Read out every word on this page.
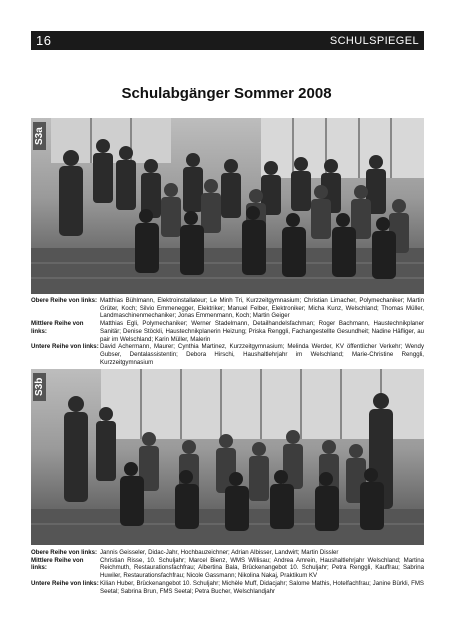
16	SCHULSPIEGEL
Schulabgänger Sommer 2008
S3a
Obere Reihe von links: Matthias Bühlmann, Elektroinstallateur; Le Minh Tri, Kurzzeitgymnasium; Christian Limacher, Polymechaniker; Martin Grüter, Koch; Silvio Emmenegger, Elektriker; Manuel Felber, Elektroniker; Micha Kunz, Welschland; Thomas Müller, Landmaschinenmechaniker; Jonas Emmenmann, Koch; Martin Geiger
Mittlere Reihe von links:
Matthias Egli, Polymechaniker; Werner Stadelmann, Detailhandelsfachman; Roger Bachmann, Haustechnikplaner Sanitär; Denise Stöckli, Haustechnikplanerin Heizung; Priska Renggli, Fachangestellte Gesundheit; Nadine Häfliger, au pair im Welschland; Karin Müller, Malerin
Untere Reihe von links: David Achermann, Maurer; Cynthia Martinez, Kurzzeitgymnasium; Melinda Werder, KV öffentlicher Verkehr; Wendy Gubser, Dentalassistentin; Debora Hirschi, Haushaltlehrjahr im Welschland; Marie-Christine Renggli, Kurzzeitgymnasium
S3b
Obere Reihe von links: Jannis Geisseler, Didac-Jahr, Hochbauzeichner; Adrian Albisser, Landwirt; Martin Dissler
Mittlere Reihe von links:
Christian Risse, 10. Schuljahr; Marcel Bienz, WMS Willisau; Andrea Amrein, Haushaltlehrjahr Welschland; Martina Reichmuth, Restaurationsfachfrau; Albertina Bala, Brückenangebot 10. Schuljahr; Petra Renggli, Kauffrau; Sabrina Huwiler, Restaurationsfachfrau; Nicole Gassmann; Nikolina Nakaj, Praktikum KV
Untere Reihe von links: Kilian Huber, Brückenangebot 10. Schuljahr; Michèle Muff, Didacjahr; Salome Mathis, Hotelfachfrau; Janine Bürkli, FMS Seetal; Sabrina Brun, FMS Seetal; Petra Bucher, Welschlandjahr
